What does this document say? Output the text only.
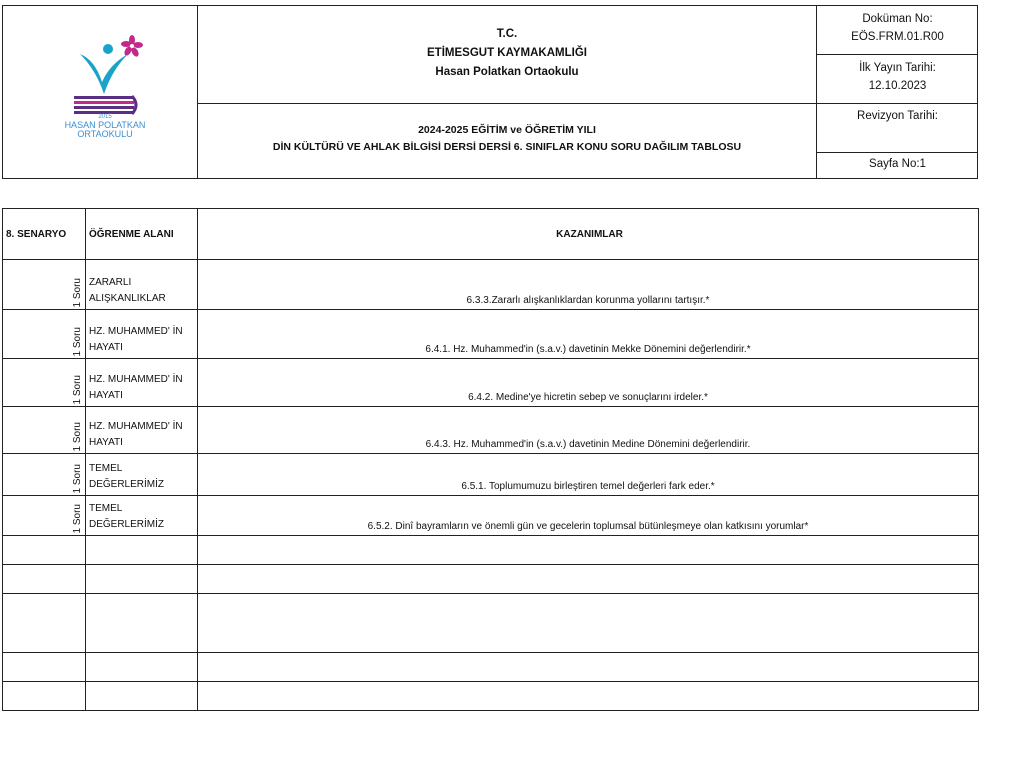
2015
HASAN POLATKAN
ORTAOKULU
T.C.
ETİMESGUT KAYMAKAMLIĞI
Hasan Polatkan Ortaokulu
2024-2025 EĞİTİM ve ÖĞRETİM YILI
DİN KÜLTÜRÜ VE AHLAK BİLGİSİ DERSİ DERSİ 6. SINIFLAR KONU SORU DAĞILIM TABLOSU
Doküman No:
EÖS.FRM.01.R00
İlk Yayın Tarihi:
12.10.2023
Revizyon Tarihi:
Sayfa No:1
8. SENARYO	ÖĞRENME ALANI	KAZANIMLAR

1 Soru	ZARARLI ALIŞKANLIKLAR	6.3.3.Zararlı alışkanlıklardan korunma yollarını tartışır.*

1 Soru	HZ. MUHAMMED' İN HAYATI	6.4.1. Hz. Muhammed'in (s.a.v.) davetinin Mekke Dönemini değerlendirir.*

1 Soru	HZ. MUHAMMED' İN HAYATI	6.4.2. Medine'ye hicretin sebep ve sonuçlarını irdeler.*

1 Soru	HZ. MUHAMMED' İN HAYATI	6.4.3. Hz. Muhammed'in (s.a.v.) davetinin Medine Dönemini değerlendirir.

1 Soru	TEMEL DEĞERLERİMİZ	6.5.1. Toplumumuzu birleştiren temel değerleri fark eder.*

1 Soru	TEMEL DEĞERLERİMİZ	6.5.2. Dinî bayramların ve önemli gün ve gecelerin toplumsal bütünleşmeye olan katkısını yorumlar*
